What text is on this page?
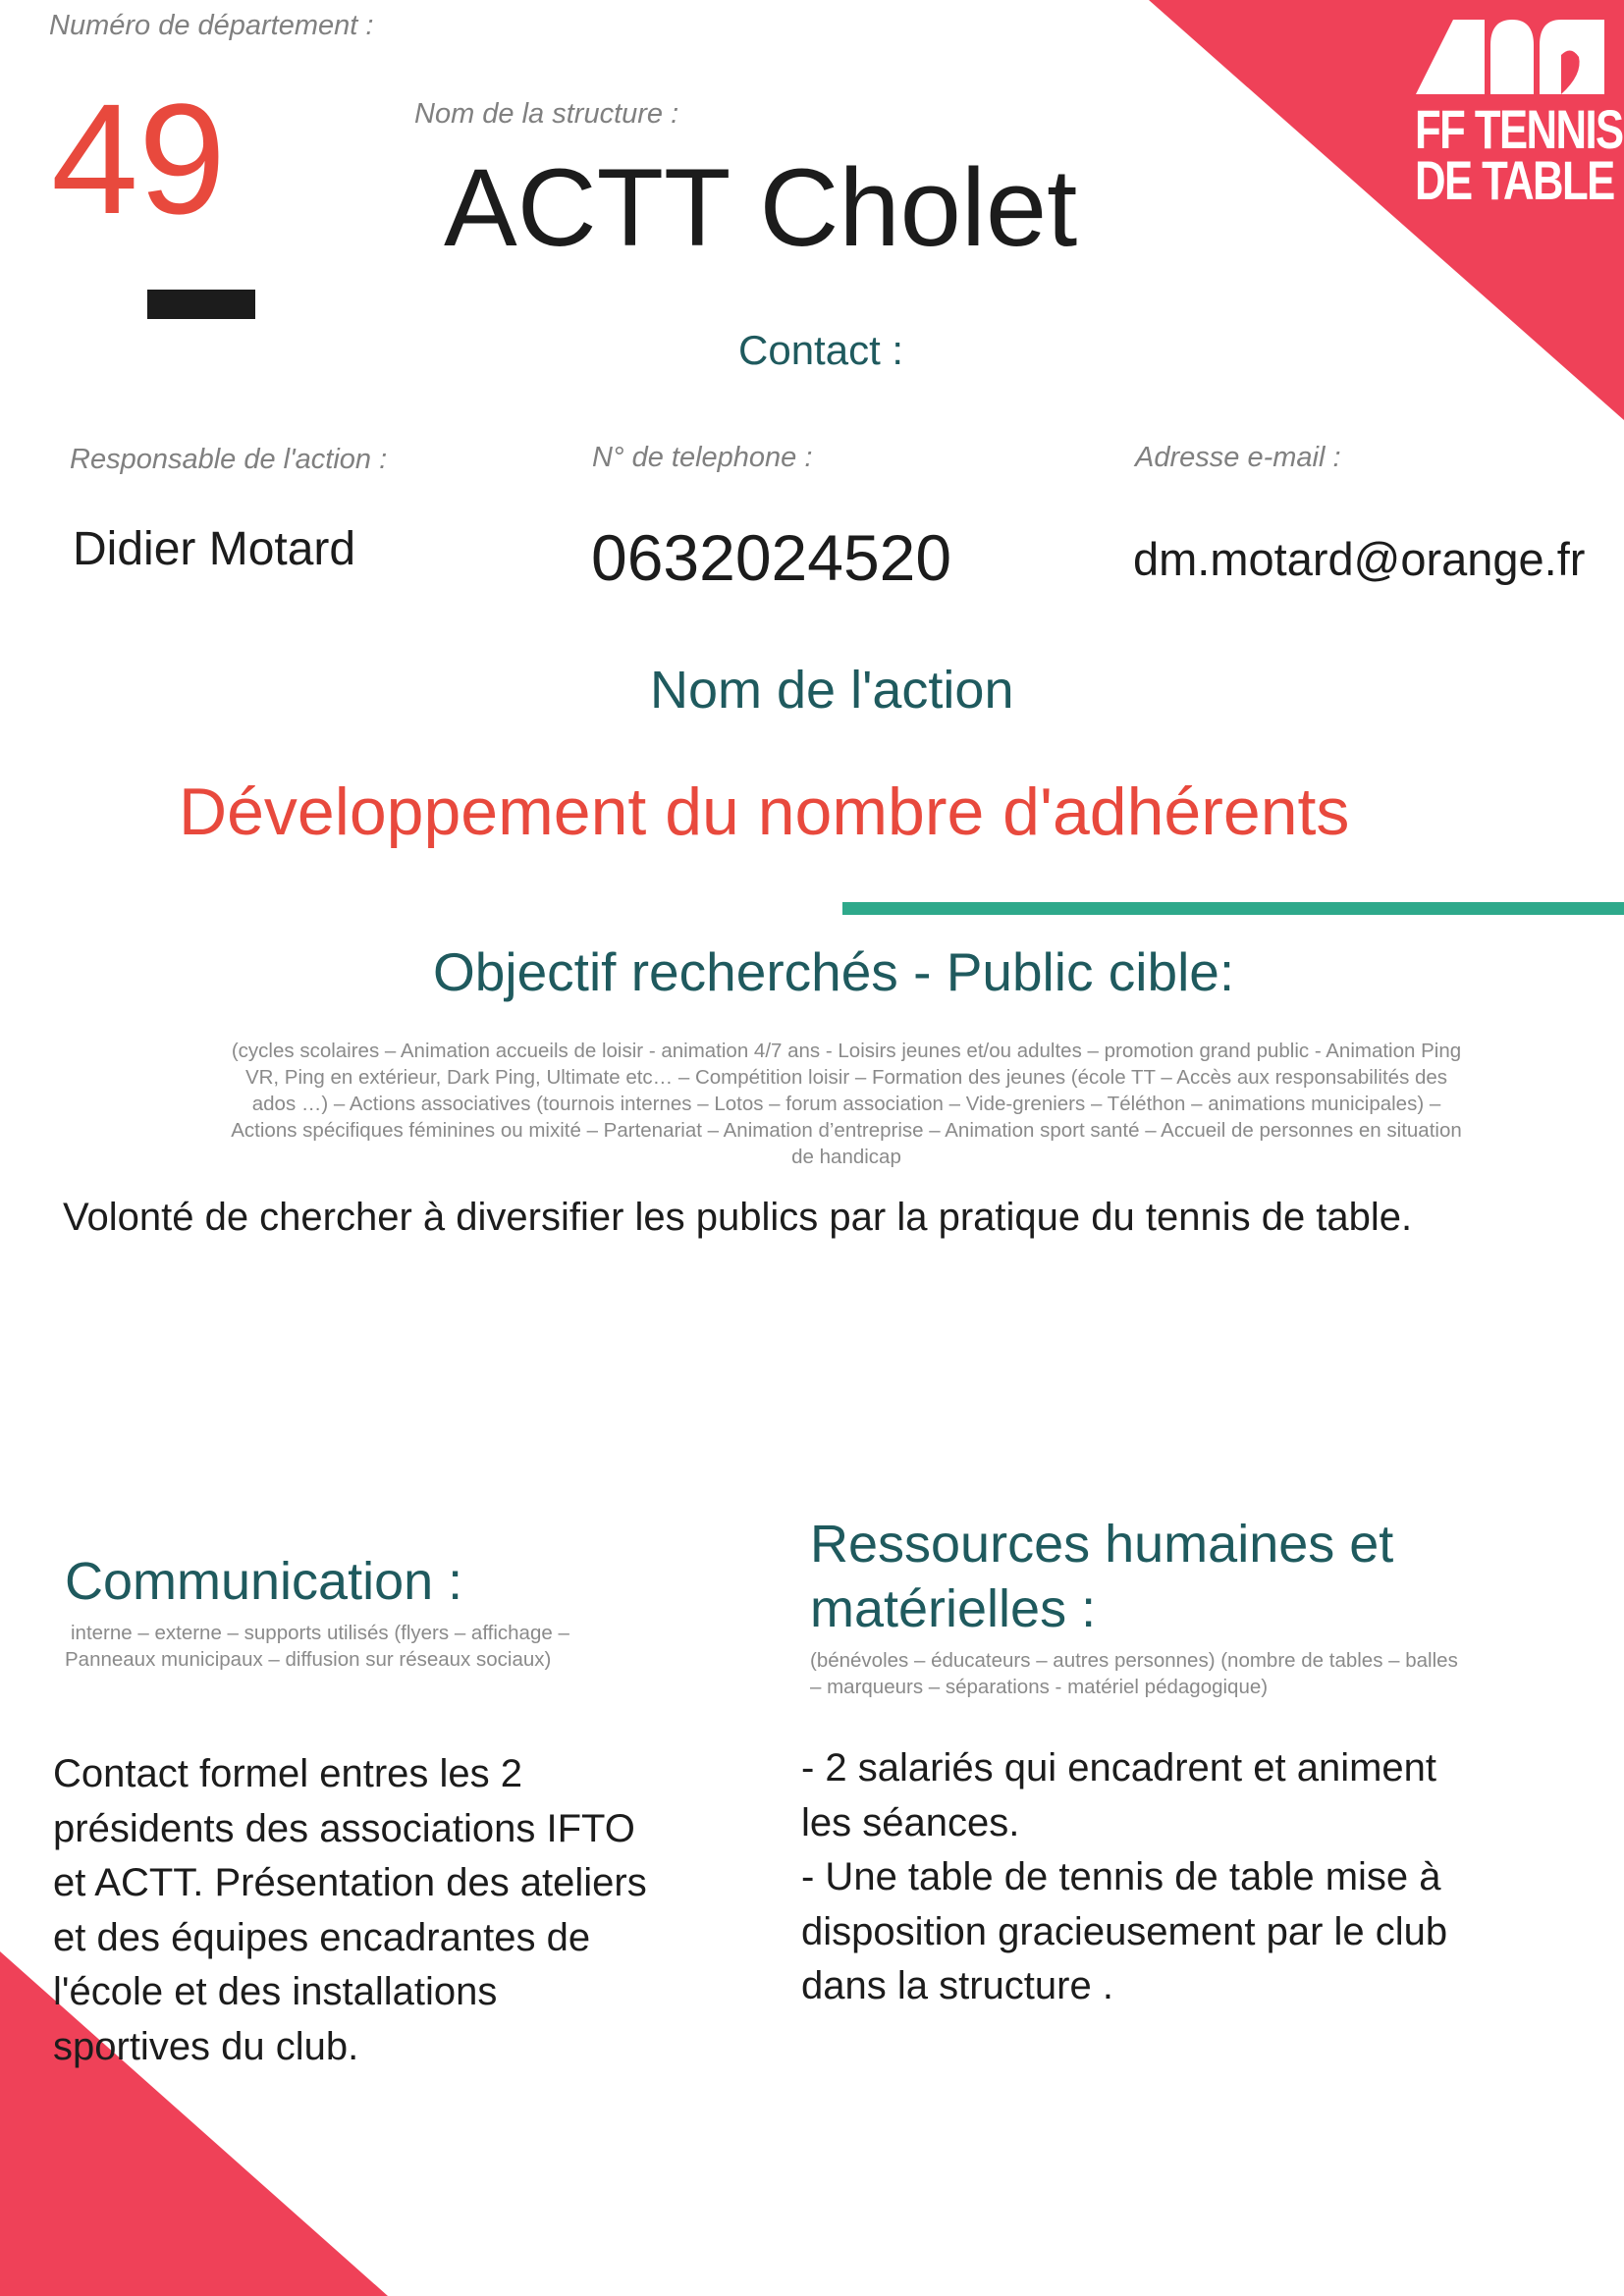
FF TENNIS
DE TABLE
Numéro de département :
49	Nom de la structure :
ACTT Cholet
Contact :
Responsable de l'action :
Didier Motard
N° de telephone :
0632024520
Adresse e-mail :
dm.motard@orange.fr
Nom de l'action
Développement du nombre d'adhérents
Objectif recherchés - Public cible:
(cycles scolaires – Animation accueils de loisir - animation 4/7 ans - Loisirs jeunes et/ou adultes – promotion grand public - Animation Ping
VR, Ping en extérieur, Dark Ping, Ultimate etc… – Compétition loisir – Formation des jeunes (école TT – Accès aux responsabilités des
ados …) – Actions associatives (tournois internes – Lotos – forum association – Vide-greniers – Téléthon – animations municipales) –
Actions spécifiques féminines ou mixité – Partenariat – Animation d’entreprise – Animation sport santé – Accueil de personnes en situation
de handicap
Volonté de chercher à diversifier les publics par la pratique du tennis de table.
Communication :
interne – externe – supports utilisés (flyers – affichage –
Panneaux municipaux – diffusion sur réseaux sociaux)
Contact formel entres les 2
présidents des associations IFTO
et ACTT. Présentation des ateliers
et des équipes encadrantes de
l'école et des installations
sportives du club.
Ressources humaines et
matérielles :
(bénévoles – éducateurs – autres personnes) (nombre de tables – balles
– marqueurs – séparations - matériel pédagogique)
- 2 salariés qui encadrent et animent
les séances.
- Une table de tennis de table mise à
disposition gracieusement par le club
dans la structure .
